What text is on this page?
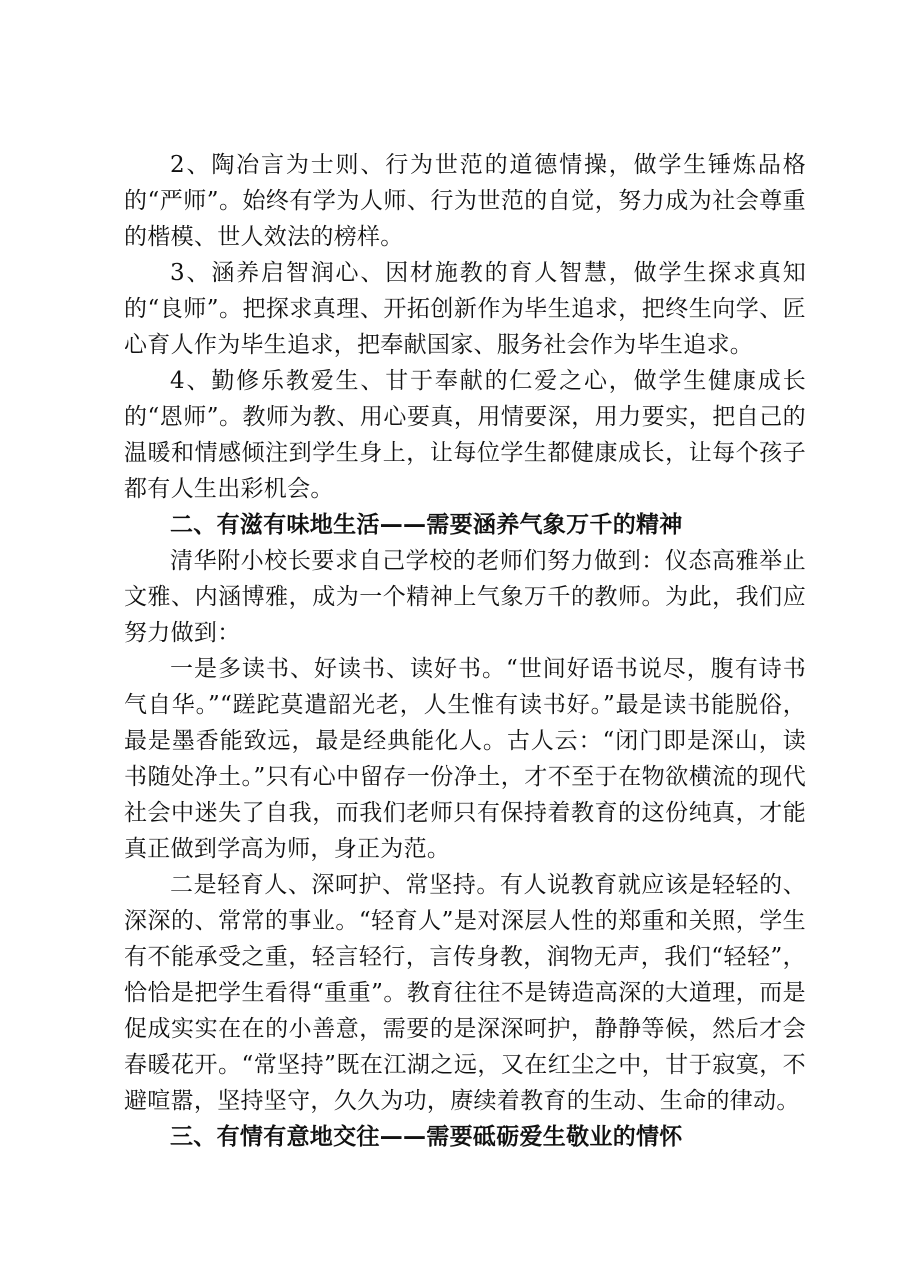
2、陶冶言为士则、行为世范的道德情操，做学生锤炼品格的“严师”。始终有学为人师、行为世范的自觉，努力成为社会尊重的楷模、世人效法的榜样。

3、涵养启智润心、因材施教的育人智慧，做学生探求真知的“良师”。把探求真理、开拓创新作为毕生追求，把终生向学、匠心育人作为毕生追求，把奉献国家、服务社会作为毕生追求。

4、勤修乐教爱生、甘于奉献的仁爱之心，做学生健康成长的“恩师”。教师为教、用心要真，用情要深，用力要实，把自己的温暖和情感倾注到学生身上，让每位学生都健康成长，让每个孩子都有人生出彩机会。

二、有滋有味地生活——需要涵养气象万千的精神

清华附小校长要求自己学校的老师们努力做到：仪态高雅举止文雅、内涵博雅，成为一个精神上气象万千的教师。为此，我们应努力做到：

一是多读书、好读书、读好书。“世间好语书说尽，腹有诗书气自华。”“蹉跎莫遣韶光老，人生惟有读书好。”最是读书能脱俗，最是墨香能致远，最是经典能化人。古人云：“闭门即是深山，读书随处净土。”只有心中留存一份净土，才不至于在物欲横流的现代社会中迷失了自我，而我们老师只有保持着教育的这份纯真，才能真正做到学高为师，身正为范。

二是轻育人、深呵护、常坚持。有人说教育就应该是轻轻的、深深的、常常的事业。“轻育人”是对深层人性的郑重和关照，学生有不能承受之重，轻言轻行，言传身教，润物无声，我们“轻轻”，恰恰是把学生看得“重重”。教育往往不是铸造高深的大道理，而是促成实实在在的小善意，需要的是深深呵护，静静等候，然后才会春暖花开。“常坚持”既在江湖之远，又在红尘之中，甘于寂寞，不避喧嚣，坚持坚守，久久为功，赓续着教育的生动、生命的律动。

三、有情有意地交往——需要砥砺爱生敬业的情怀
